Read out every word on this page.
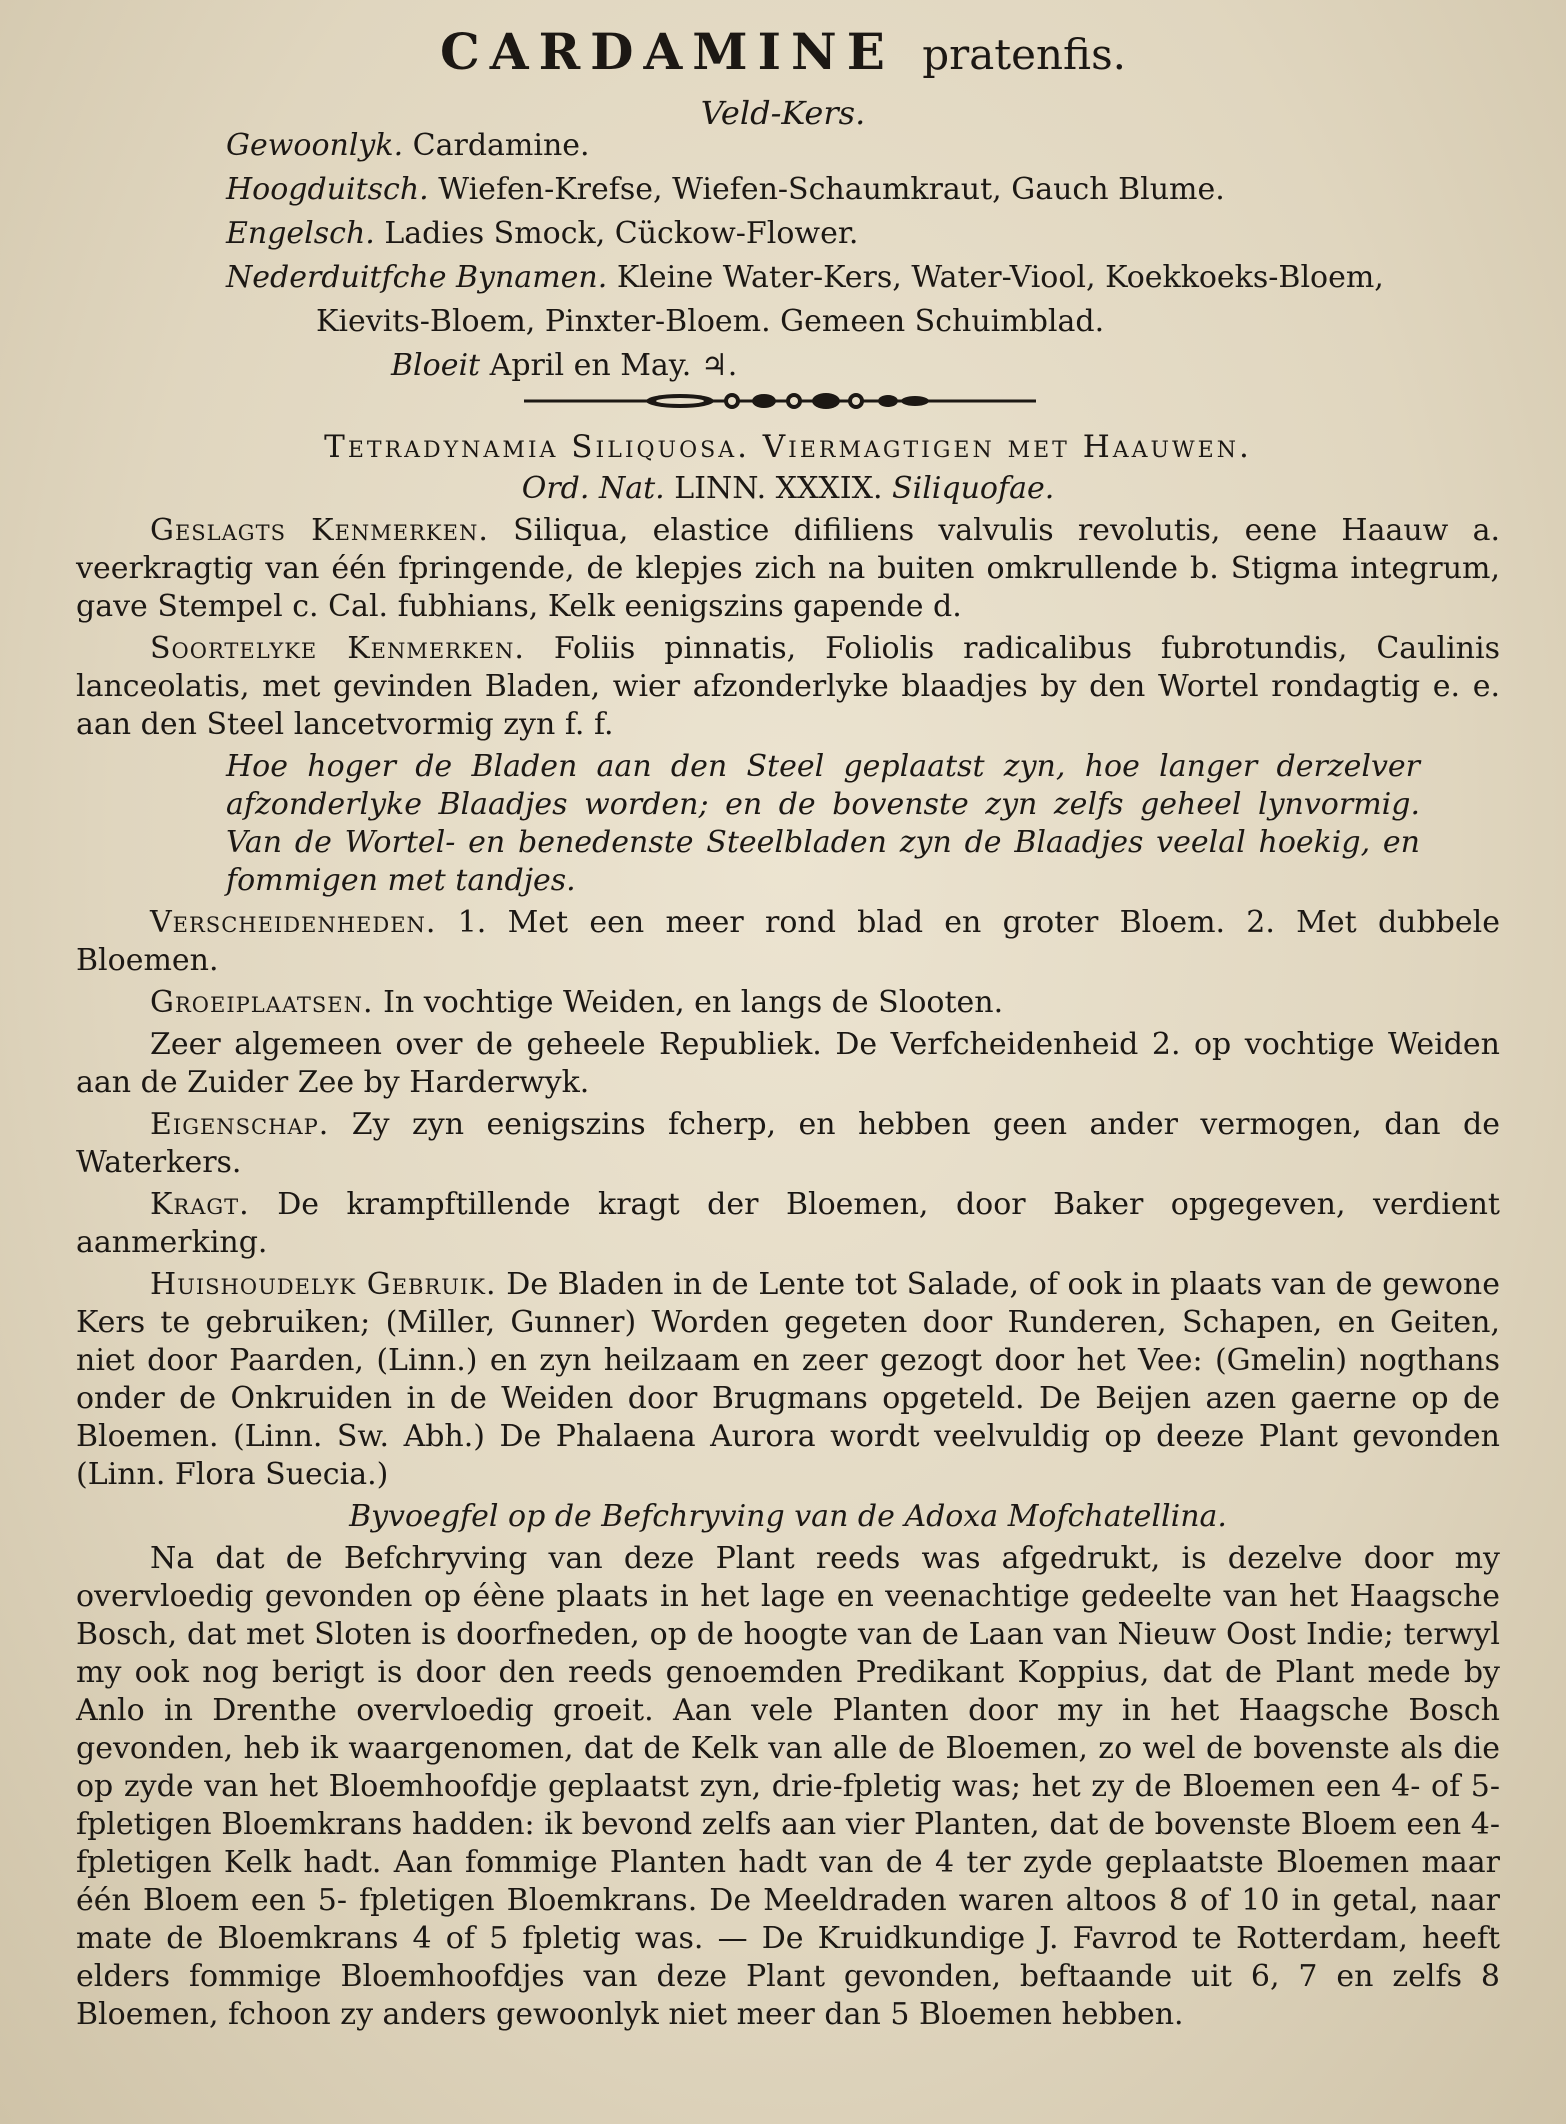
CARDAMINE pratenfis.
Veld-Kers.
Gewoonlyk. Cardamine.
Hoogduitsch. Wiefen-Krefse, Wiefen-Schaumkraut, Gauch Blume.
Engelsch. Ladies Smock, Cückow-Flower.
Nederduitfche Bynamen. Kleine Water-Kers, Water-Viool, Koekkoeks-Bloem,
Kievits-Bloem, Pinxter-Bloem. Gemeen Schuimblad.
Bloeit April en May. ♃.

Tetradynamia Siliquosa. Viermagtigen met Haauwen.

Ord. Nat. LINN. XXXIX. Siliquofae.

Geslagts Kenmerken. Siliqua, elastice difiliens valvulis revolutis, eene Haauw a. veerkragtig van één fpringende, de klepjes zich na buiten omkrullende b. Stigma integrum, gave Stempel c. Cal. fubhians, Kelk eenigszins gapende d.

Soortelyke Kenmerken. Foliis pinnatis, Foliolis radicalibus fubrotundis, Caulinis lanceolatis, met gevinden Bladen, wier afzonderlyke blaadjes by den Wortel rondagtig e. e. aan den Steel lancetvormig zyn f. f.

Hoe hoger de Bladen aan den Steel geplaatst zyn, hoe langer derzelver afzonderlyke Blaadjes worden; en de bovenste zyn zelfs geheel lynvormig. Van de Wortel- en benedenste Steelbladen zyn de Blaadjes veelal hoekig, en fommigen met tandjes.

Verscheidenheden. 1. Met een meer rond blad en groter Bloem. 2. Met dubbele Bloemen.

Groeiplaatsen. In vochtige Weiden, en langs de Slooten.

Zeer algemeen over de geheele Republiek. De Verfcheidenheid 2. op vochtige Weiden aan de Zuider Zee by Harderwyk.

Eigenschap. Zy zyn eenigszins fcherp, en hebben geen ander vermogen, dan de Waterkers.

Kragt. De krampftillende kragt der Bloemen, door Baker opgegeven, verdient aanmerking.

Huishoudelyk Gebruik. De Bladen in de Lente tot Salade, of ook in plaats van de gewone Kers te gebruiken; (Miller, Gunner) Worden gegeten door Runderen, Schapen, en Geiten, niet door Paarden, (Linn.) en zyn heilzaam en zeer gezogt door het Vee: (Gmelin) nogthans onder de Onkruiden in de Weiden door Brugmans opgeteld. De Beijen azen gaerne op de Bloemen. (Linn. Sw. Abh.) De Phalaena Aurora wordt veelvuldig op deeze Plant gevonden (Linn. Flora Suecia.)

Byvoegfel op de Befchryving van de Adoxa Mofchatellina.

Na dat de Befchryving van deze Plant reeds was afgedrukt, is dezelve door my overvloedig gevonden op éène plaats in het lage en veenachtige gedeelte van het Haagsche Bosch, dat met Sloten is doorfneden, op de hoogte van de Laan van Nieuw Oost Indie; terwyl my ook nog berigt is door den reeds genoemden Predikant Koppius, dat de Plant mede by Anlo in Drenthe overvloedig groeit. Aan vele Planten door my in het Haagsche Bosch gevonden, heb ik waargenomen, dat de Kelk van alle de Bloemen, zo wel de bovenste als die op zyde van het Bloemhoofdje geplaatst zyn, drie-fpletig was; het zy de Bloemen een 4- of 5- fpletigen Bloemkrans hadden: ik bevond zelfs aan vier Planten, dat de bovenste Bloem een 4- fpletigen Kelk hadt. Aan fommige Planten hadt van de 4 ter zyde geplaatste Bloemen maar één Bloem een 5- fpletigen Bloemkrans. De Meeldraden waren altoos 8 of 10 in getal, naar mate de Bloemkrans 4 of 5 fpletig was. — De Kruidkundige J. Favrod te Rotterdam, heeft elders fommige Bloemhoofdjes van deze Plant gevonden, beftaande uit 6, 7 en zelfs 8 Bloemen, fchoon zy anders gewoonlyk niet meer dan 5 Bloemen hebben.
